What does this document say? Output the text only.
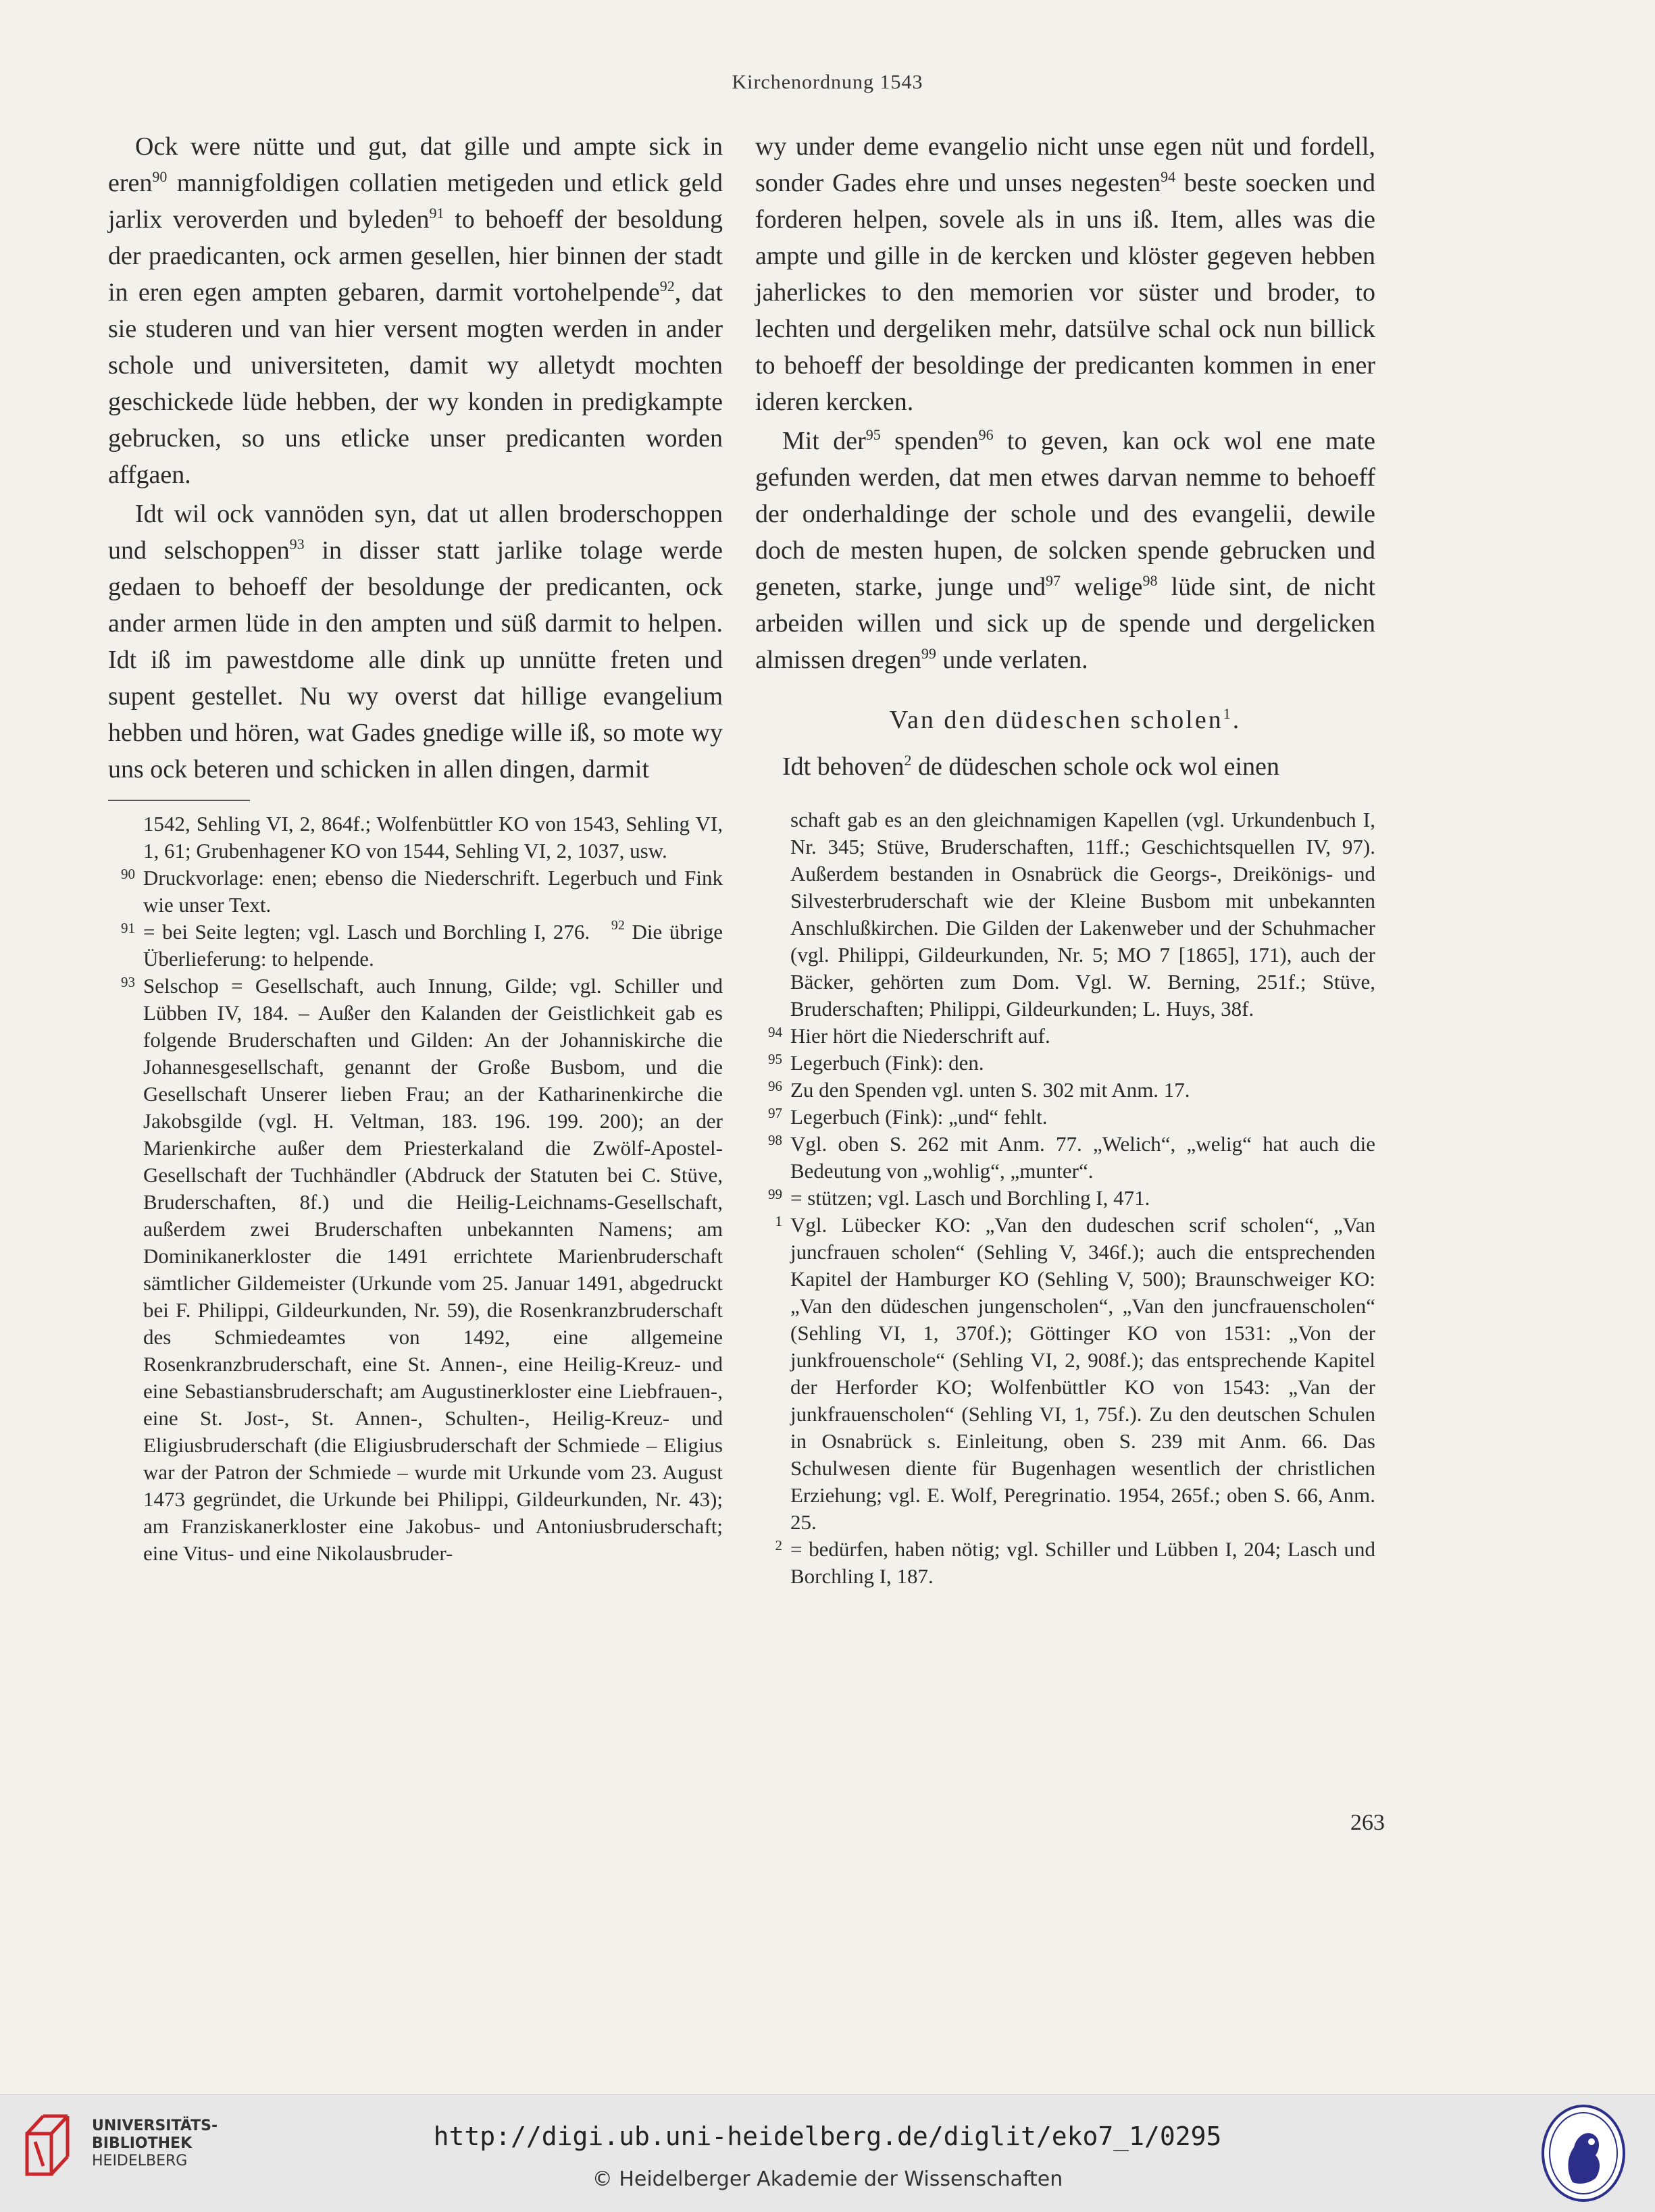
Kirchenordnung 1543

Ock were nütte und gut, dat gille und ampte sick in eren$^{90}$ mannigfoldigen collatien metigeden und etlick geld jarlix veroverden und byleden$^{91}$ to behoeff der besoldung der praedicanten, ock armen gesellen, hier binnen der stadt in eren egen ampten gebaren, darmit vortohelpende$^{92}$, dat sie studeren und van hier versent mogten werden in ander schole und universiteten, damit wy alletydt mochten geschickede lüde hebben, der wy konden in predigkampte gebrucken, so uns etlicke unser predicanten worden affgaen.

Idt wil ock vannöden syn, dat ut allen broderschoppen und selschoppen$^{93}$ in disser statt jarlike tolage werde gedaen to behoeff der besoldunge der predicanten, ock ander armen lüde in den ampten und süß darmit to helpen. Idt iß im pawestdome alle dink up unnütte freten und supent gestellet. Nu wy overst dat hillige evangelium hebben und hören, wat Gades gnedige wille iß, so mote wy uns ock beteren und schicken in allen dingen, darmit

1542, Sehling VI, 2, 864f.; Wolfenbüttler KO von 1543, Sehling VI, 1, 61; Grubenhagener KO von 1544, Sehling VI, 2, 1037, usw.

90 Druckvorlage: enen; ebenso die Niederschrift. Legerbuch und Fink wie unser Text.

91 = bei Seite legten; vgl. Lasch und Borchling I, 276. $^{92}$ Die übrige Überlieferung: to helpende.

93 Selschop = Gesellschaft, auch Innung, Gilde; vgl. Schiller und Lübben IV, 184. – Außer den Kalanden der Geistlichkeit gab es folgende Bruderschaften und Gilden: An der Johanniskirche die Johannesgesellschaft, genannt der Große Busbom, und die Gesellschaft Unserer lieben Frau; an der Katharinenkirche die Jakobsgilde (vgl. H. Veltman, 183. 196. 199. 200); an der Marienkirche außer dem Priesterkaland die Zwölf-Apostel-Gesellschaft der Tuchhändler (Abdruck der Statuten bei C. Stüve, Bruderschaften, 8f.) und die Heilig-Leichnams-Gesellschaft, außerdem zwei Bruderschaften unbekannten Namens; am Dominikanerkloster die 1491 errichtete Marienbruderschaft sämtlicher Gildemeister (Urkunde vom 25. Januar 1491, abgedruckt bei F. Philippi, Gildeurkunden, Nr. 59), die Rosenkranzbruderschaft des Schmiedeamtes von 1492, eine allgemeine Rosenkranzbruderschaft, eine St. Annen-, eine Heilig-Kreuz- und eine Sebastiansbruderschaft; am Augustinerkloster eine Liebfrauen-, eine St. Jost-, St. Annen-, Schulten-, Heilig-Kreuz- und Eligiusbruderschaft (die Eligiusbruderschaft der Schmiede – Eligius war der Patron der Schmiede – wurde mit Urkunde vom 23. August 1473 gegründet, die Urkunde bei Philippi, Gildeurkunden, Nr. 43); am Franziskanerkloster eine Jakobus- und Antoniusbruderschaft; eine Vitus- und eine Nikolausbruder-

wy under deme evangelio nicht unse egen nüt und fordell, sonder Gades ehre und unses negesten$^{94}$ beste soecken und forderen helpen, sovele als in uns iß. Item, alles was die ampte und gille in de kercken und klöster gegeven hebben jaherlickes to den memorien vor süster und broder, to lechten und dergeliken mehr, datsülve schal ock nun billick to behoeff der besoldinge der predicanten kommen in ener ideren kercken.

Mit der$^{95}$ spenden$^{96}$ to geven, kan ock wol ene mate gefunden werden, dat men etwes darvan nemme to behoeff der onderhaldinge der schole und des evangelii, dewile doch de mesten hupen, de solcken spende gebrucken und geneten, starke, junge und$^{97}$ welige$^{98}$ lüde sint, de nicht arbeiden willen und sick up de spende und dergelicken almissen dregen$^{99}$ unde verlaten.

Van den düdeschen scholen$^1$.

Idt behoven$^2$ de düdeschen schole ock wol einen

schaft gab es an den gleichnamigen Kapellen (vgl. Urkundenbuch I, Nr. 345; Stüve, Bruderschaften, 11ff.; Geschichtsquellen IV, 97). Außerdem bestanden in Osnabrück die Georgs-, Dreikönigs- und Silvesterbruderschaft wie der Kleine Busbom mit unbekannten Anschlußkirchen. Die Gilden der Lakenweber und der Schuhmacher (vgl. Philippi, Gildeurkunden, Nr. 5; MO 7 [1865], 171), auch der Bäcker, gehörten zum Dom. Vgl. W. Berning, 251f.; Stüve, Bruderschaften; Philippi, Gildeurkunden; L. Huys, 38f.

94 Hier hört die Niederschrift auf.

95 Legerbuch (Fink): den.

96 Zu den Spenden vgl. unten S. 302 mit Anm. 17.

97 Legerbuch (Fink): „und“ fehlt.

98 Vgl. oben S. 262 mit Anm. 77. „Welich“, „welig“ hat auch die Bedeutung von „wohlig“, „munter“.

99 = stützen; vgl. Lasch und Borchling I, 471.

1 Vgl. Lübecker KO: „Van den dudeschen scrif scholen“, „Van juncfrauen scholen“ (Sehling V, 346f.); auch die entsprechenden Kapitel der Hamburger KO (Sehling V, 500); Braunschweiger KO: „Van den düdeschen jungenscholen“, „Van den juncfrauenscholen“ (Sehling VI, 1, 370f.); Göttinger KO von 1531: „Von der junkfrouenschole“ (Sehling VI, 2, 908f.); das entsprechende Kapitel der Herforder KO; Wolfenbüttler KO von 1543: „Van der junkfrauenscholen“ (Sehling VI, 1, 75f.). Zu den deutschen Schulen in Osnabrück s. Einleitung, oben S. 239 mit Anm. 66. Das Schulwesen diente für Bugenhagen wesentlich der christlichen Erziehung; vgl. E. Wolf, Peregrinatio. 1954, 265f.; oben S. 66, Anm. 25.

2 = bedürfen, haben nötig; vgl. Schiller und Lübben I, 204; Lasch und Borchling I, 187.

263
UNIVERSITÄTS-
BIBLIOTHEK
HEIDELBERG
http://digi.ub.uni-heidelberg.de/diglit/eko7_1/0295
© Heidelberger Akademie der Wissenschaften
